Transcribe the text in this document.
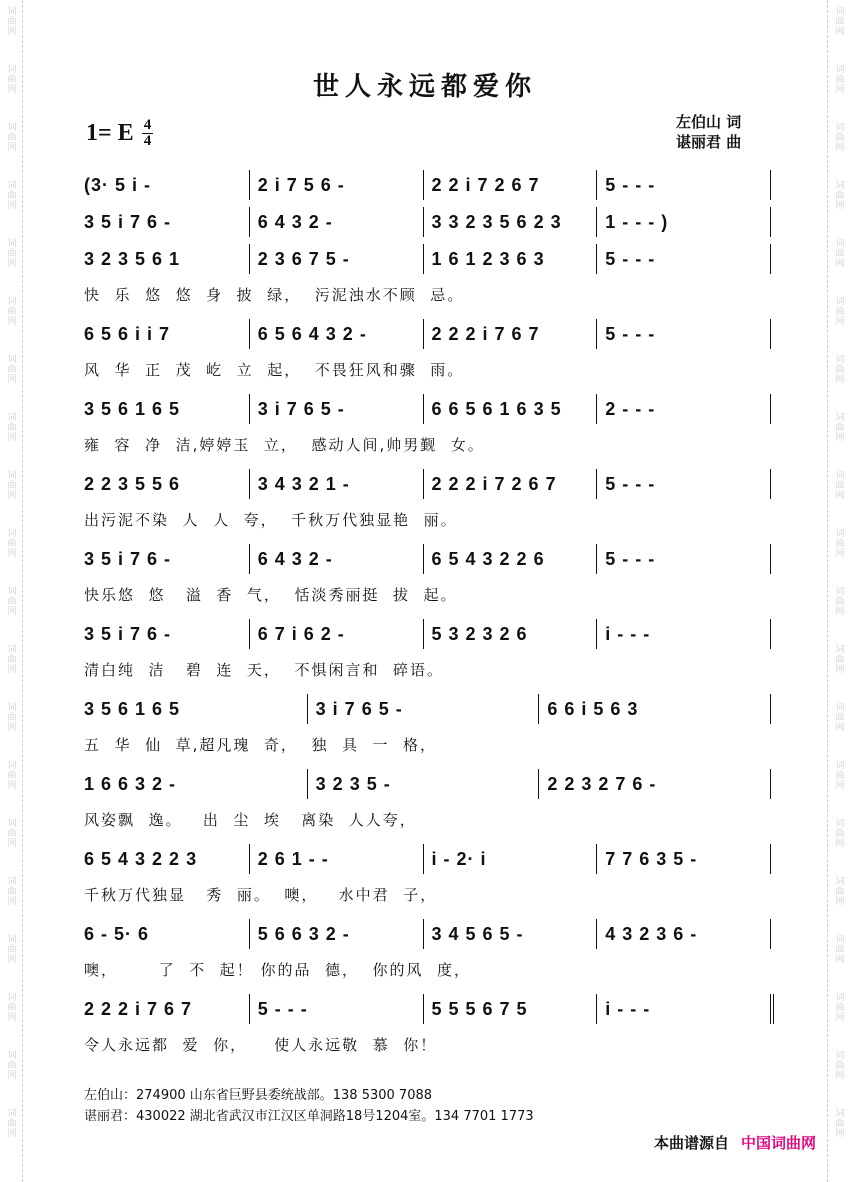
词曲网
词曲网
词曲网
词曲网
词曲网
词曲网
词曲网
词曲网
词曲网
词曲网
词曲网
词曲网
词曲网
词曲网
词曲网
词曲网
词曲网
词曲网
词曲网
词曲网
词曲网
词曲网
词曲网
词曲网
词曲网
词曲网
词曲网
词曲网
词曲网
词曲网
词曲网
词曲网
词曲网
词曲网
词曲网
词曲网
词曲网
词曲网
词曲网
词曲网
世人永远都爱你
1= E 4
4
左伯山 词
谌丽君 曲
(3· 5 i -	2 i 7 5 6 -	2 2 i 7 2 6 7	5 - - -
3 5 i 7 6 -	6 4 3 2 -	3 3 2 3 5 6 2 3	1 - - - )
3 2 3 5 6 1	2 3 6 7 5 -	1 6 1 2 3 6 3	5 - - -
快  乐  悠  悠  身  披  绿，  污泥浊水不顾  忌。
6 5 6 i i 7	6 5 6 4 3 2 -	2 2 2 i 7 6 7	5 - - -
风  华  正  茂  屹  立  起，  不畏狂风和骤  雨。
3 5 6 1 6 5	3 i 7 6 5 -	6 6 5 6 1 6 3 5	2 - - -
雍  容  净  洁,婷婷玉  立，  感动人间,帅男觐  女。
2 2 3 5 5 6	3 4 3 2 1 -	2 2 2 i 7 2 6 7	5 - - -
出污泥不染  人  人  夸，  千秋万代独显艳  丽。
3 5 i 7 6 -	6 4 3 2 -	6 5 4 3 2 2 6	5 - - -
快乐悠  悠   溢  香  气，  恬淡秀丽挺  拔  起。
3 5 i 7 6 -	6 7 i 6 2 -	5 3 2 3 2 6	i - - -
清白纯  洁   碧  连  天，  不惧闲言和  碎语。
3 5 6 1 6 5	3 i 7 6 5 -	6 6 i 5 6 3
五  华  仙  草,超凡瑰  奇，  独  具  一  格，
1 6 6 3 2 -	3 2 3 5 -	2 2 3 2 7 6 -
风姿飘  逸。   出  尘  埃   离染  人人夸，
6 5 4 3 2 2 3	2 6 1 - -	i - 2· i	7 7 6 3 5 -
千秋万代独显   秀  丽。  噢，   水中君  子，
6 - 5· 6	5 6 6 3 2 -	3 4 5 6 5 -	4 3 2 3 6 -
噢，      了  不  起！ 你的品  德，  你的风  度，
2 2 2 i 7 6 7	5 - - -	5 5 5 6 7 5	i - - -
令人永远都  爱  你，    使人永远敬  慕  你！
左伯山：274900 山东省巨野县委统战部。138 5300 7088
谌丽君：430022 湖北省武汉市江汉区单洞路18号1204室。134 7701 1773
本曲谱源自 中国词曲网
